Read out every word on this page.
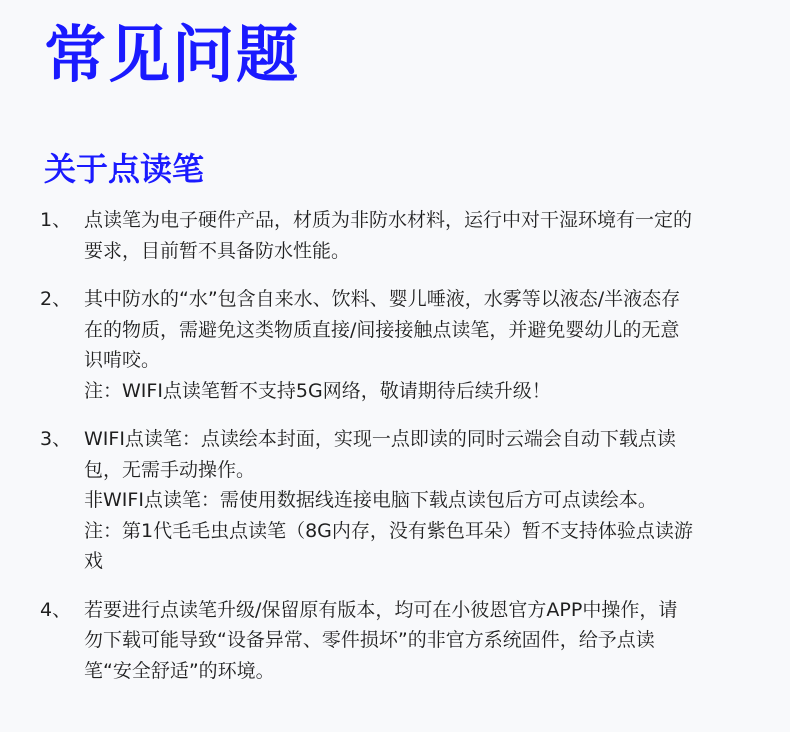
常见问题
关于点读笔
1、 点读笔为电子硬件产品，材质为非防水材料，运行中对干湿环境有一定的要求，目前暂不具备防水性能。

2、 其中防水的“水”包含自来水、饮料、婴儿唾液，水雾等以液态/半液态存在的物质，需避免这类物质直接/间接接触点读笔，并避免婴幼儿的无意识啃咬。

注：WIFI点读笔暂不支持5G网络，敬请期待后续升级！

3、 WIFI点读笔：点读绘本封面，实现一点即读的同时云端会自动下载点读包，无需手动操作。

非WIFI点读笔：需使用数据线连接电脑下载点读包后方可点读绘本。

注：第1代毛毛虫点读笔（8G内存，没有紫色耳朵）暂不支持体验点读游戏

4、 若要进行点读笔升级/保留原有版本，均可在小彼恩官方APP中操作，请勿下载可能导致“设备异常、零件损坏”的非官方系统固件，给予点读笔“安全舒适”的环境。
